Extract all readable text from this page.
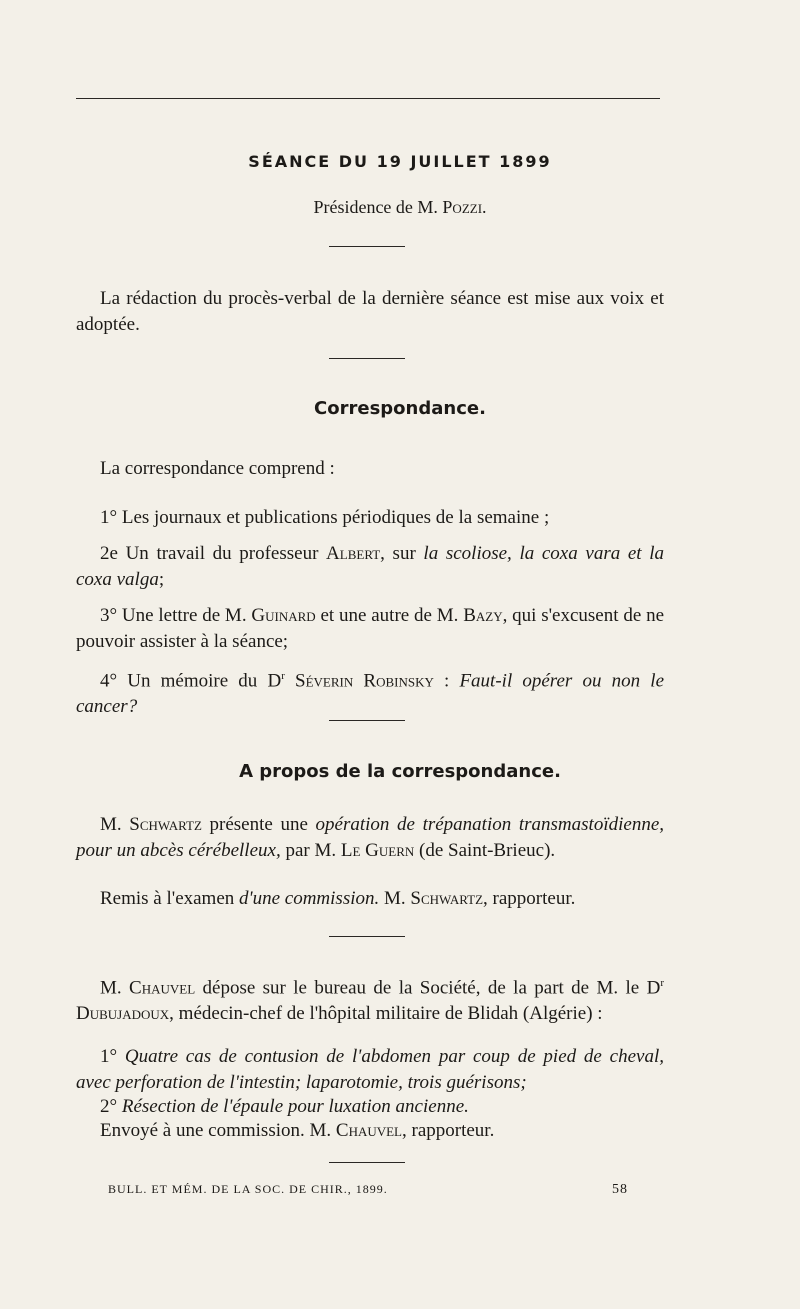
SÉANCE DU 19 JUILLET 1899
Présidence de M. Pozzi.
La rédaction du procès-verbal de la dernière séance est mise aux voix et adoptée.
Correspondance.
La correspondance comprend :
1° Les journaux et publications périodiques de la semaine ;
2e Un travail du professeur Albert, sur la scoliose, la coxa vara et la coxa valga;
3° Une lettre de M. Guinard et une autre de M. Bazy, qui s'excusent de ne pouvoir assister à la séance;
4° Un mémoire du $D^r$ Séverin Robinsky : Faut-il opérer ou non le cancer?
A propos de la correspondance.
M. Schwartz présente une opération de trépanation transmastoïdienne, pour un abcès cérébelleux, par M. Le Guern (de Saint-Brieuc).
Remis à l'examen d'une commission. M. Schwartz, rapporteur.
M. Chauvel dépose sur le bureau de la Société, de la part de M. le $D^r$ Dubujadoux, médecin-chef de l'hôpital militaire de Blidah (Algérie) :
1° Quatre cas de contusion de l'abdomen par coup de pied de cheval, avec perforation de l'intestin; laparotomie, trois guérisons;
2° Résection de l'épaule pour luxation ancienne.
Envoyé à une commission. M. Chauvel, rapporteur.
BULL. ET MÉM. DE LA SOC. DE CHIR., 1899.	58
